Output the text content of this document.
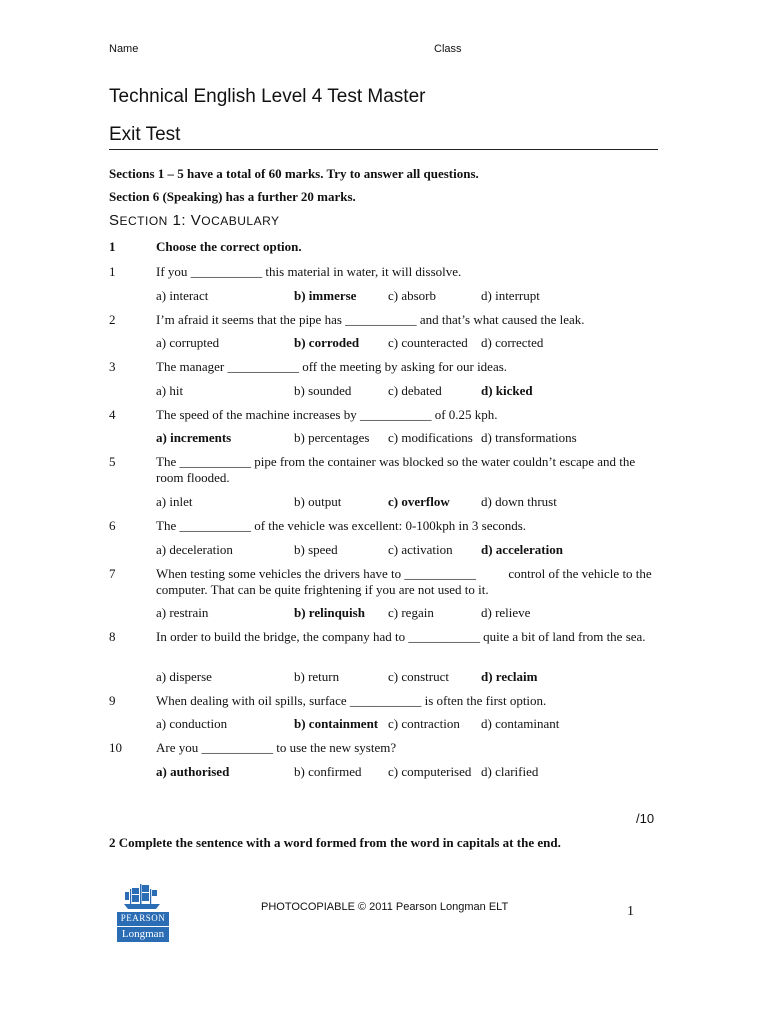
Name	Class
Technical English Level 4 Test Master
Exit Test
Sections 1 – 5 have a total of 60 marks. Try to answer all questions.
Section 6 (Speaking) has a further 20 marks.
SECTION 1: VOCABULARY
1	Choose the correct option.
1	If you ___________ this material in water, it will dissolve.
a) interact	b) immerse c) absorb	d) interrupt
2	I’m afraid it seems that the pipe has ___________ and that’s what caused the leak.
a) corrupted	b) corroded c) counteracted d) corrected
3	The manager ___________ off the meeting by asking for our ideas.
a) hit	b) sounded	c) debated	d) kicked
4	The speed of the machine increases by ___________ of 0.25 kph.
a) increments	b) percentages c) modifications d) transformations
5	The ___________ pipe from the container was blocked so the water couldn’t escape and the room flooded.
a) inlet	b) output	c) overflow d) down thrust
6	The ___________ of the vehicle was excellent: 0-100kph in 3 seconds.
a) deceleration	b) speed	c) activation d) acceleration
7	When testing some vehicles the drivers have to ___________          control of the vehicle to the computer. That can be quite frightening if you are not used to it.
a) restrain	b) relinquish c) regain	d) relieve
8	In order to build the bridge, the company had to ___________ quite a bit of land from the sea.
a) disperse	b) return	c) construct d) reclaim
9	When dealing with oil spills, surface ___________ is often the first option.
a) conduction	b) containment c) contraction d) contaminant
10	Are you ___________ to use the new system?
a) authorised	b) confirmed c) computerised d) clarified
/10
2 Complete the sentence with a word formed from the word in capitals at the end.
PEARSON
Longman
PHOTOCOPIABLE © 2011 Pearson Longman ELT	1
